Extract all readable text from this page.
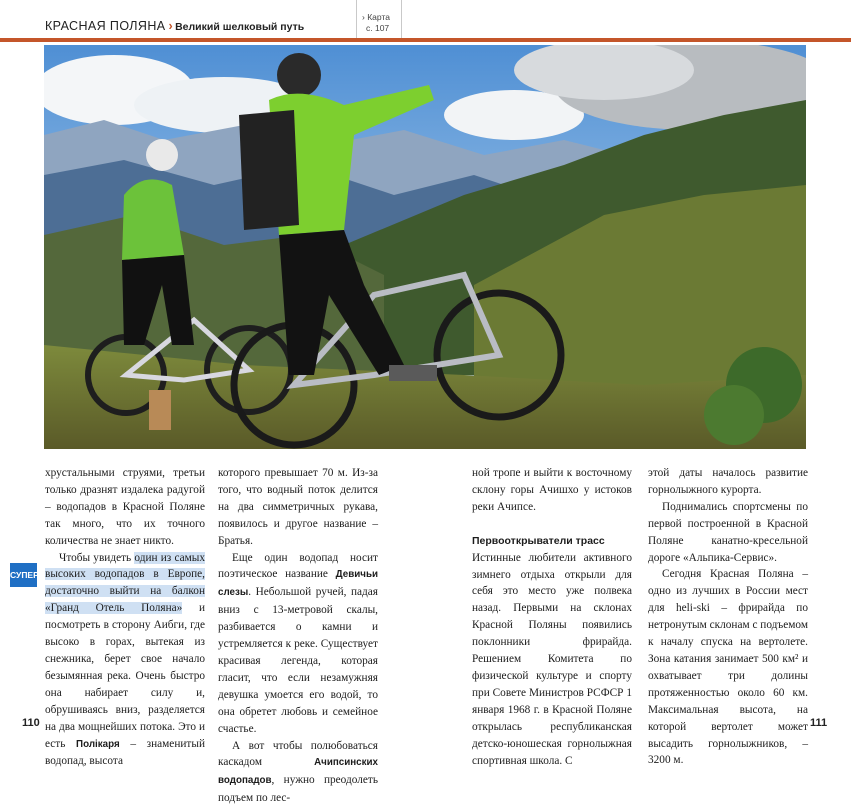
КРАСНАЯ ПОЛЯНА › Великий шелковый путь
› Карта
с. 107
СУПЕР!

хрустальными струями, третьи только дразнят издалека радугой – водопадов в Красной Поляне так много, что их точного количества не знает никто.

Чтобы увидеть один из самых высоких водопадов в Европе, достаточно выйти на балкон «Гранд Отель Поляна» и посмотреть в сторону Аибги, где высоко в горах, вытекая из снежника, берет свое начало безымянная река. Очень быстро она набирает силу и, обрушиваясь вниз, разделяется на два мощнейших потока. Это и есть Полікаря – знаменитый водопад, высота

которого превышает 70 м. Из-за того, что водный поток делится на два симметричных рукава, появилось и другое название – Братья.

Еще один водопад носит поэтическое название Девичьи слезы. Небольшой ручей, падая вниз с 13-метровой скалы, разбивается о камни и устремляется к реке. Существует красивая легенда, которая гласит, что если незамужняя девушка умоется его водой, то она обретет любовь и семейное счастье.

А вот чтобы полюбоваться каскадом Ачипсинских водопадов, нужно преодолеть подъем по лес-

ной тропе и выйти к восточному склону горы Ачишхо у истоков реки Ачипсе.

Первооткрыватели трасс

Истинные любители активного зимнего отдыха открыли для себя это место уже полвека назад. Первыми на склонах Красной Поляны появились поклонники фрирайда. Решением Комитета по физической культуре и спорту при Совете Министров РСФСР 1 января 1968 г. в Красной Поляне открылась республиканская детско-юношеская горнолыжная спортивная школа. С

этой даты началось развитие горнолыжного курорта.

Поднимались спортсмены по первой построенной в Красной Поляне канатно-кресельной дороге «Альпика-Сервис».

Сегодня Красная Поляна – одно из лучших в России мест для heli-ski – фрирайда по нетронутым склонам с подъемом к началу спуска на вертолете. Зона катания занимает 500 км² и охватывает три долины протяженностью около 60 км. Максимальная высота, на которой вертолет может высадить горнолыжников, – 3200 м.

110	111
